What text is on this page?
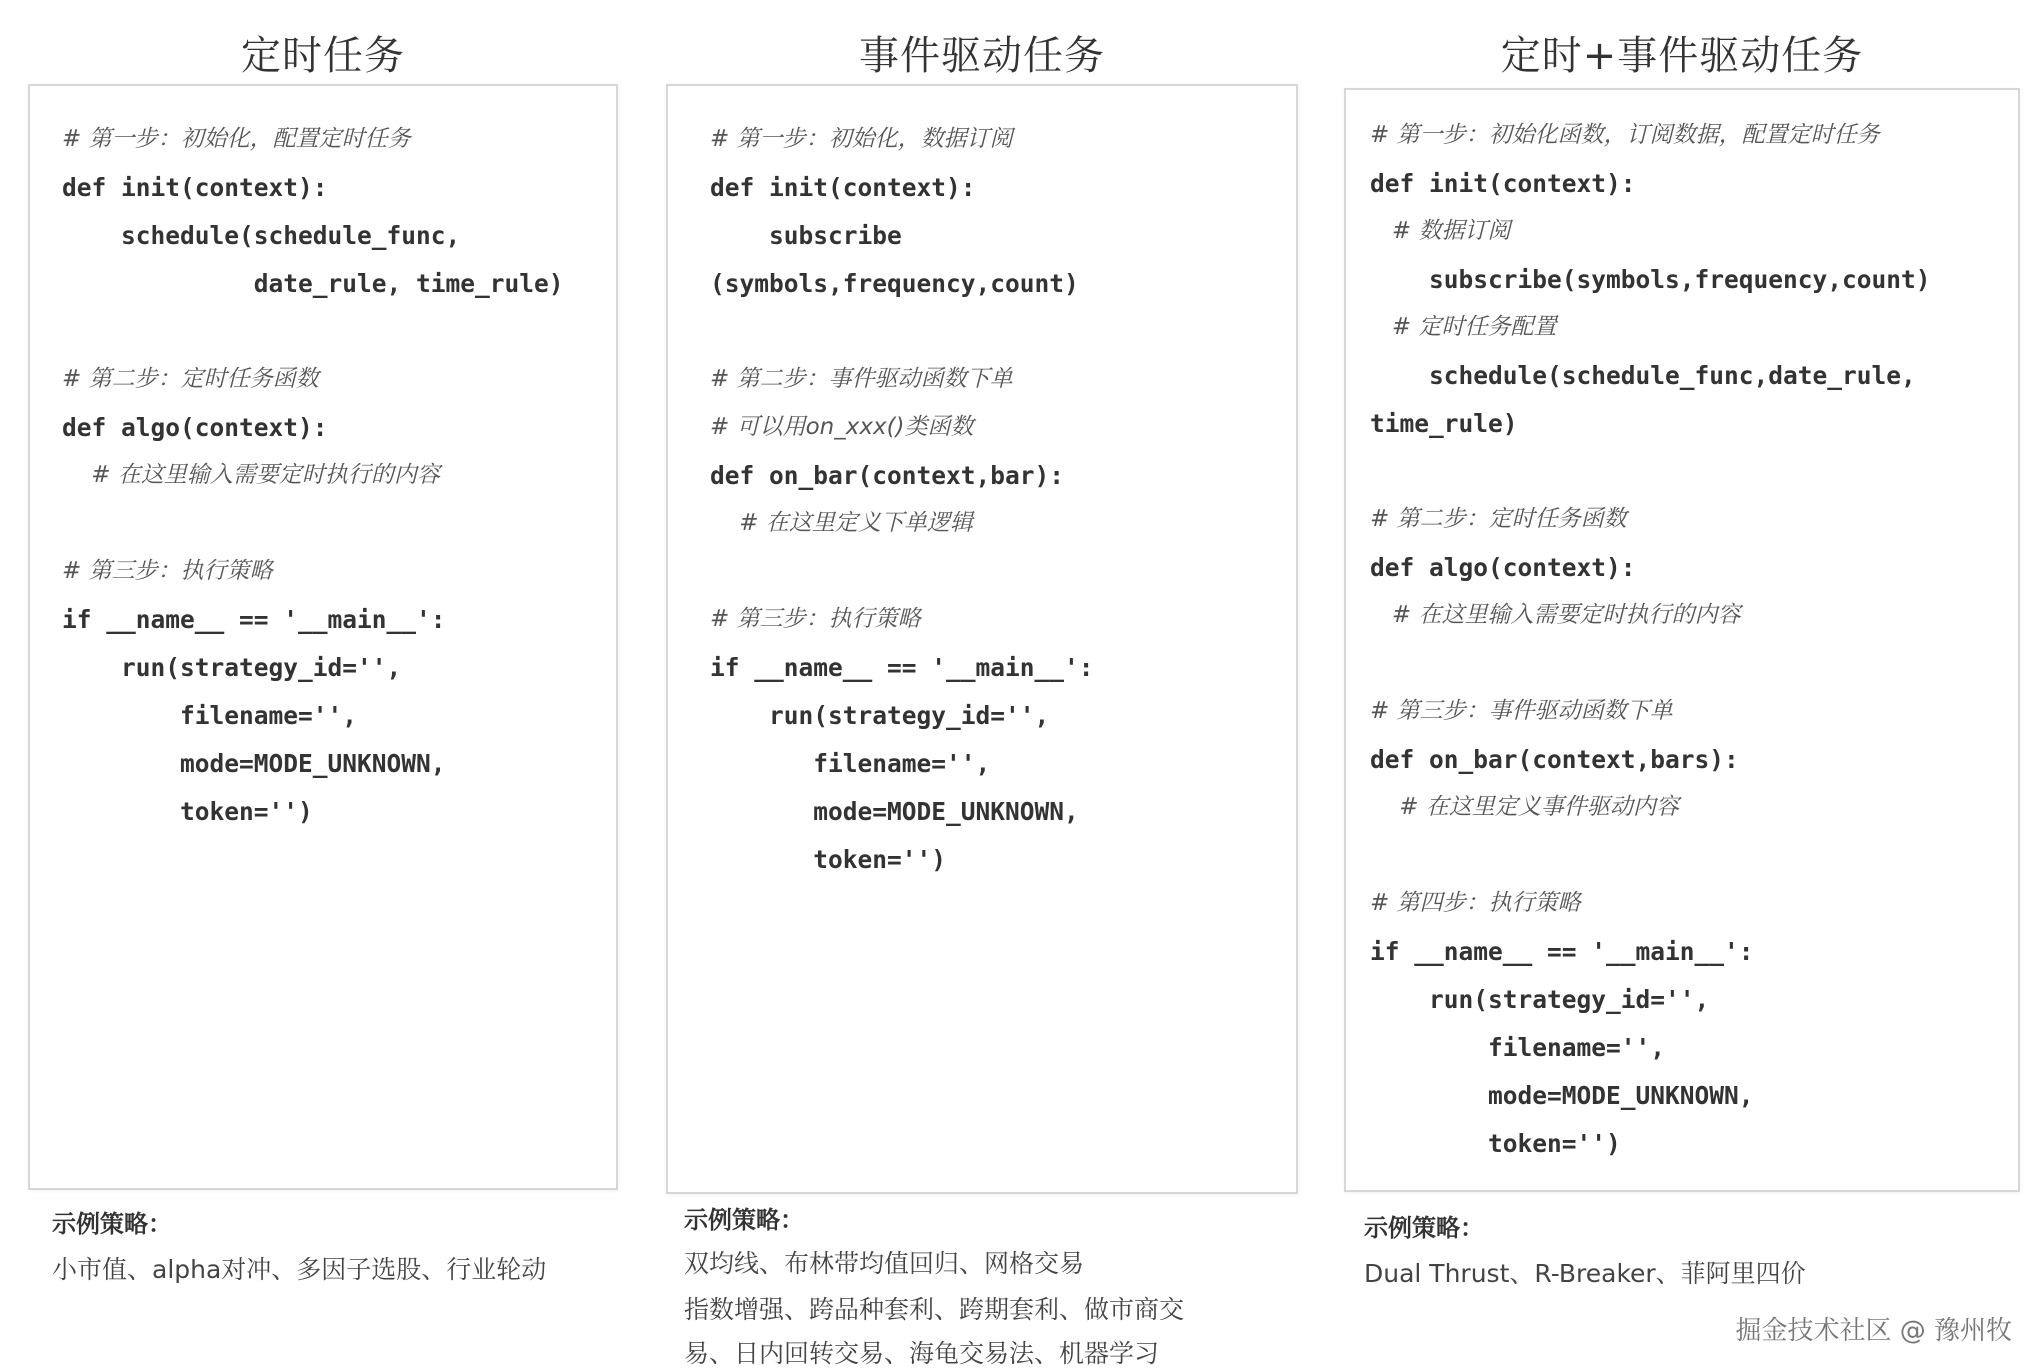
定时任务
# 第一步：初始化，配置定时任务
def init(context):
schedule(schedule_func,
date_rule, time_rule)
# 第二步：定时任务函数
def algo(context):
# 在这里输入需要定时执行的内容
# 第三步：执行策略
if __name__ == '__main__':
run(strategy_id='',
filename='',
mode=MODE_UNKNOWN,
token='')
示例策略：
小市值、alpha对冲、多因子选股、行业轮动
事件驱动任务
# 第一步：初始化，数据订阅
def init(context):
subscribe
(symbols,frequency,count)
# 第二步：事件驱动函数下单
# 可以用on_xxx()类函数
def on_bar(context,bar):
# 在这里定义下单逻辑
# 第三步：执行策略
if __name__ == '__main__':
run(strategy_id='',
filename='',
mode=MODE_UNKNOWN,
token='')
示例策略：
双均线、布林带均值回归、网格交易
指数增强、跨品种套利、跨期套利、做市商交
易、日内回转交易、海龟交易法、机器学习
定时+事件驱动任务
# 第一步：初始化函数，订阅数据，配置定时任务
def init(context):
# 数据订阅
subscribe(symbols,frequency,count)
# 定时任务配置
schedule(schedule_func,date_rule,
time_rule)
# 第二步：定时任务函数
def algo(context):
# 在这里输入需要定时执行的内容
# 第三步：事件驱动函数下单
def on_bar(context,bars):
# 在这里定义事件驱动内容
# 第四步：执行策略
if __name__ == '__main__':
run(strategy_id='',
filename='',
mode=MODE_UNKNOWN,
token='')
示例策略：
Dual Thrust、R-Breaker、菲阿里四价
掘金技术社区 @ 豫州牧
